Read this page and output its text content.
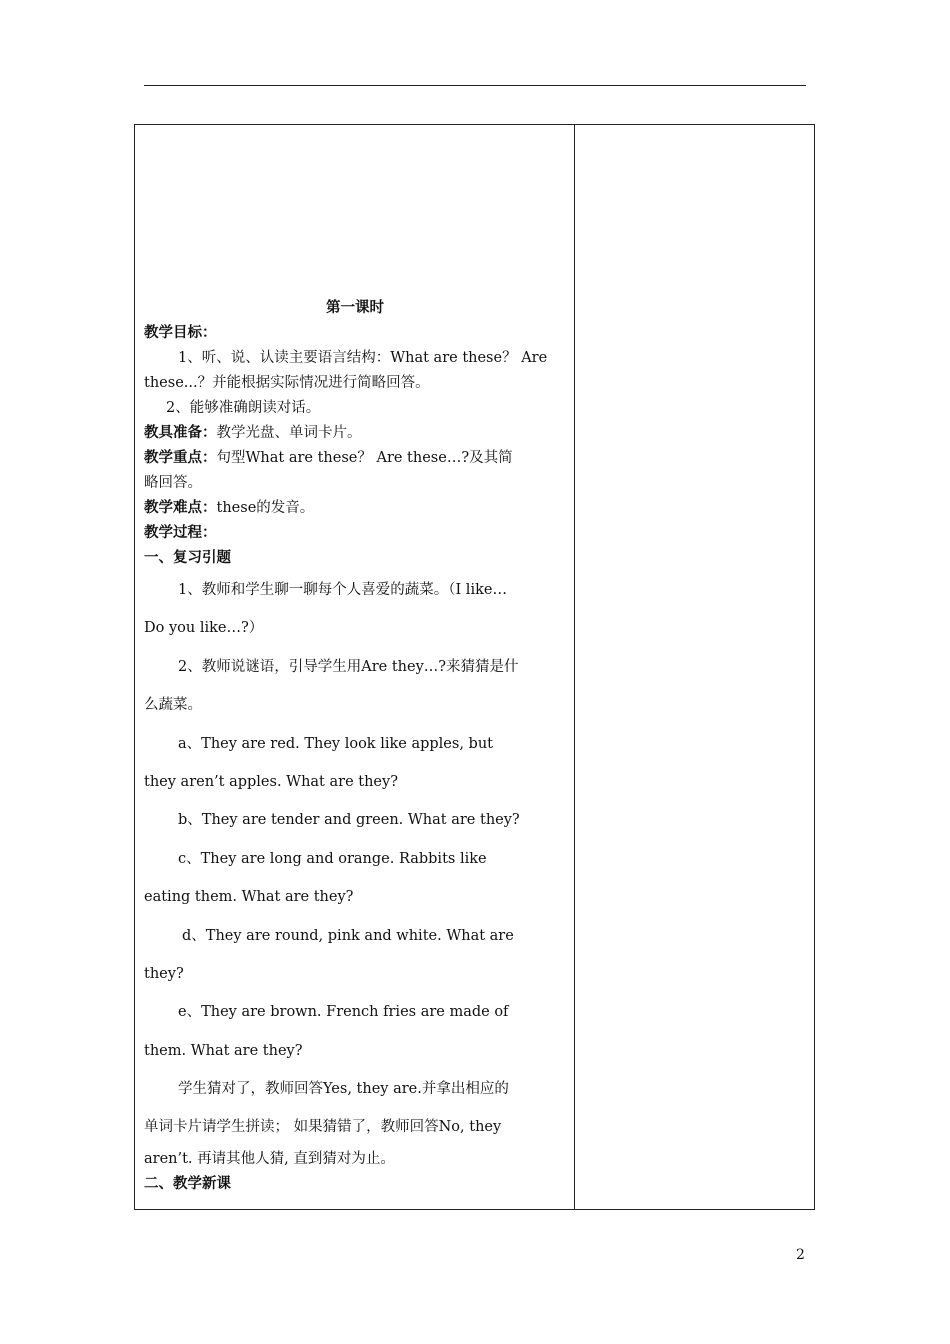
第一课时
教学目标：
1、听、说、认读主要语言结构：What are these？ Are
these...？并能根据实际情况进行简略回答。
2、能够准确朗读对话。
教具准备：教学光盘、单词卡片。
教学重点：句型What are these？ Are these…?及其简
略回答。
教学难点：these的发音。
教学过程：
一、复习引题
1、教师和学生聊一聊每个人喜爱的蔬菜。（I like…
Do you like…?）
2、教师说谜语，引导学生用Are they…?来猜猜是什
么蔬菜。
a、They are red. They look like apples, but
they aren’t apples. What are they?
b、They are tender and green. What are they?
c、They are long and orange. Rabbits like
eating them. What are they?
d、They are round, pink and white. What are
they?
e、They are brown. French fries are made of
them. What are they?
学生猜对了，教师回答Yes, they are.并拿出相应的
单词卡片请学生拼读； 如果猜错了，教师回答No, they
aren’t. 再请其他人猜, 直到猜对为止。
二、教学新课
2
